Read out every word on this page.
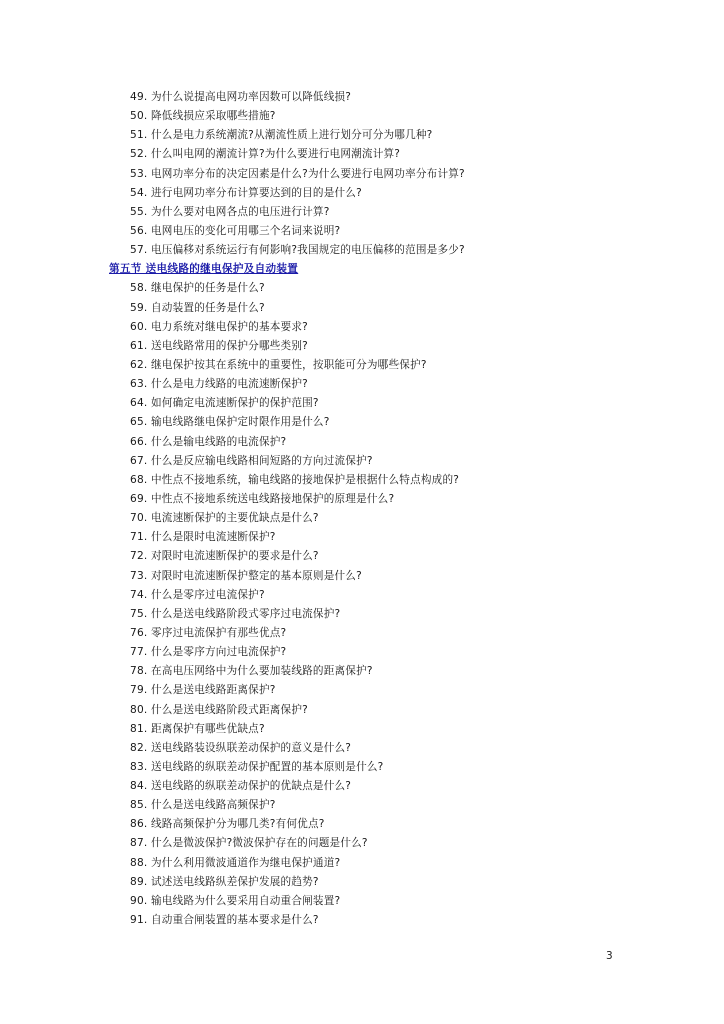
49. 为什么说提高电网功率因数可以降低线损?
50. 降低线损应采取哪些措施?
51. 什么是电力系统潮流?从潮流性质上进行划分可分为哪几种?
52. 什么叫电网的潮流计算?为什么要进行电网潮流计算?
53. 电网功率分布的决定因素是什么?为什么要进行电网功率分布计算?
54. 进行电网功率分布计算要达到的目的是什么?
55. 为什么要对电网各点的电压进行计算?
56. 电网电压的变化可用哪三个名词来说明?
57. 电压偏移对系统运行有何影响?我国规定的电压偏移的范围是多少?
第五节 送电线路的继电保护及自动装置
58. 继电保护的任务是什么?
59. 自动装置的任务是什么?
60. 电力系统对继电保护的基本要求?
61. 送电线路常用的保护分哪些类别?
62. 继电保护按其在系统中的重要性，按职能可分为哪些保护?
63. 什么是电力线路的电流速断保护?
64. 如何确定电流速断保护的保护范围?
65. 输电线路继电保护定时限作用是什么?
66. 什么是输电线路的电流保护?
67. 什么是反应输电线路相间短路的方向过流保护?
68. 中性点不接地系统，输电线路的接地保护是根据什么特点构成的?
69. 中性点不接地系统送电线路接地保护的原理是什么?
70. 电流速断保护的主要优缺点是什么?
71. 什么是限时电流速断保护?
72. 对限时电流速断保护的要求是什么?
73. 对限时电流速断保护整定的基本原则是什么?
74. 什么是零序过电流保护?
75. 什么是送电线路阶段式零序过电流保护?
76. 零序过电流保护有那些优点?
77. 什么是零序方向过电流保护?
78. 在高电压网络中为什么要加装线路的距离保护?
79. 什么是送电线路距离保护?
80. 什么是送电线路阶段式距离保护?
81. 距离保护有哪些优缺点?
82. 送电线路装设纵联差动保护的意义是什么?
83. 送电线路的纵联差动保护配置的基本原则是什么?
84. 送电线路的纵联差动保护的优缺点是什么?
85. 什么是送电线路高频保护?
86. 线路高频保护分为哪几类?有何优点?
87. 什么是微波保护?微波保护存在的问题是什么?
88. 为什么利用微波通道作为继电保护通道?
89. 试述送电线路纵差保护发展的趋势?
90. 输电线路为什么要采用自动重合闸装置?
91. 自动重合闸装置的基本要求是什么?
3
